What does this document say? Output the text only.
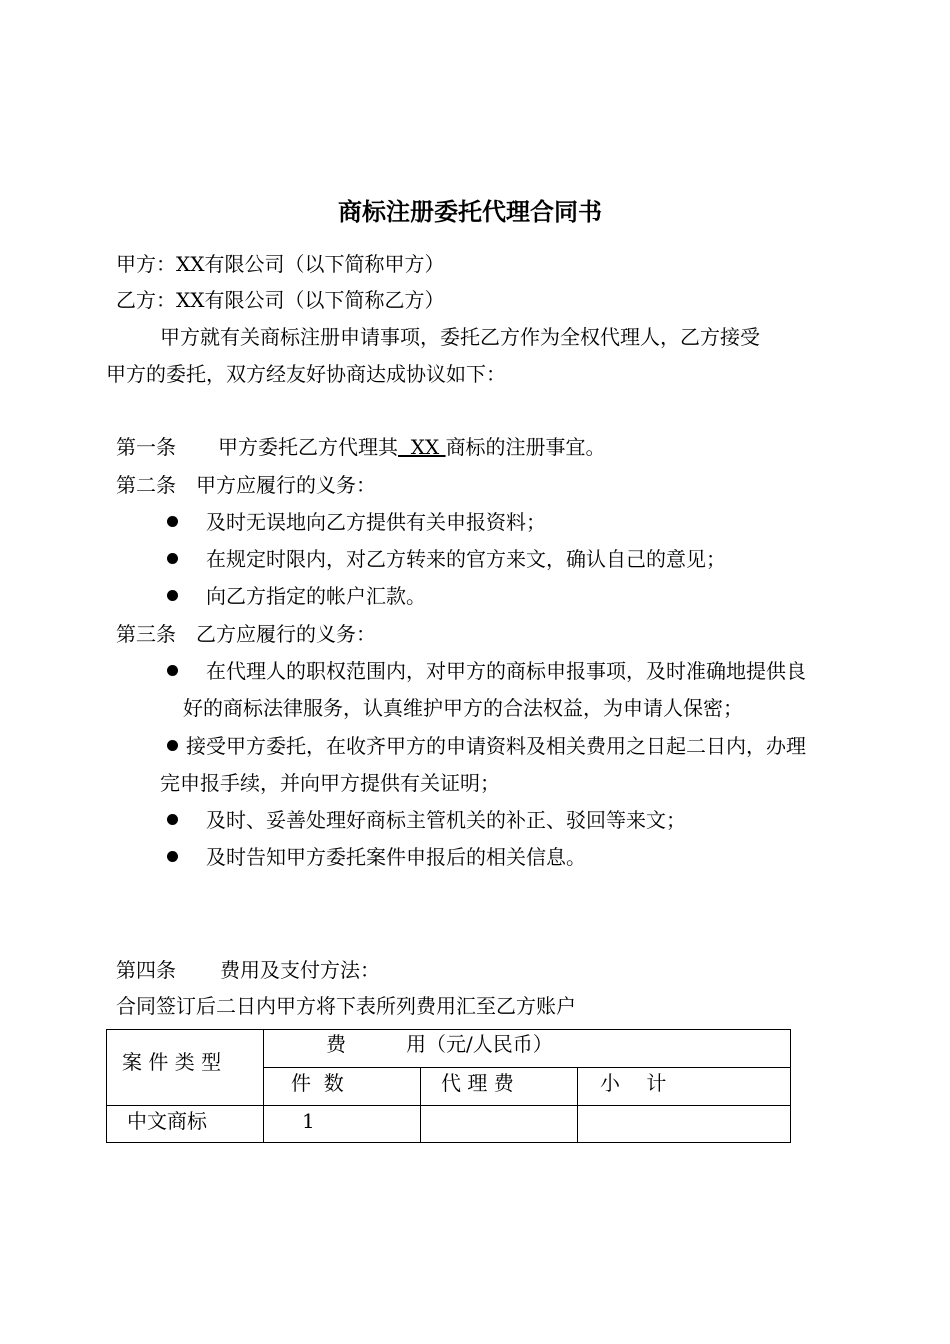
商标注册委托代理合同书
甲方：XX有限公司（以下简称甲方）
乙方：XX有限公司（以下简称乙方）
甲方就有关商标注册申请事项，委托乙方作为全权代理人，乙方接受
甲方的委托，双方经友好协商达成协议如下：
第一条 甲方委托乙方代理其  XX 商标的注册事宜。
第二条　甲方应履行的义务：
及时无误地向乙方提供有关申报资料；
在规定时限内，对乙方转来的官方来文，确认自己的意见；
向乙方指定的帐户汇款。
第三条　乙方应履行的义务：
在代理人的职权范围内，对甲方的商标申报事项，及时准确地提供良
好的商标法律服务，认真维护甲方的合法权益，为申请人保密；
接受甲方委托，在收齐甲方的申请资料及相关费用之日起二日内，办理
完申报手续，并向甲方提供有关证明；
及时、妥善处理好商标主管机关的补正、驳回等来文；
及时告知甲方委托案件申报后的相关信息。
第四条 费用及支付方法：
合同签订后二日内甲方将下表所列费用汇至乙方账户
案 件 类 型	费　　　用（元/人民币）		

	件  数	代 理 费	小　 计

中文商标	1		
